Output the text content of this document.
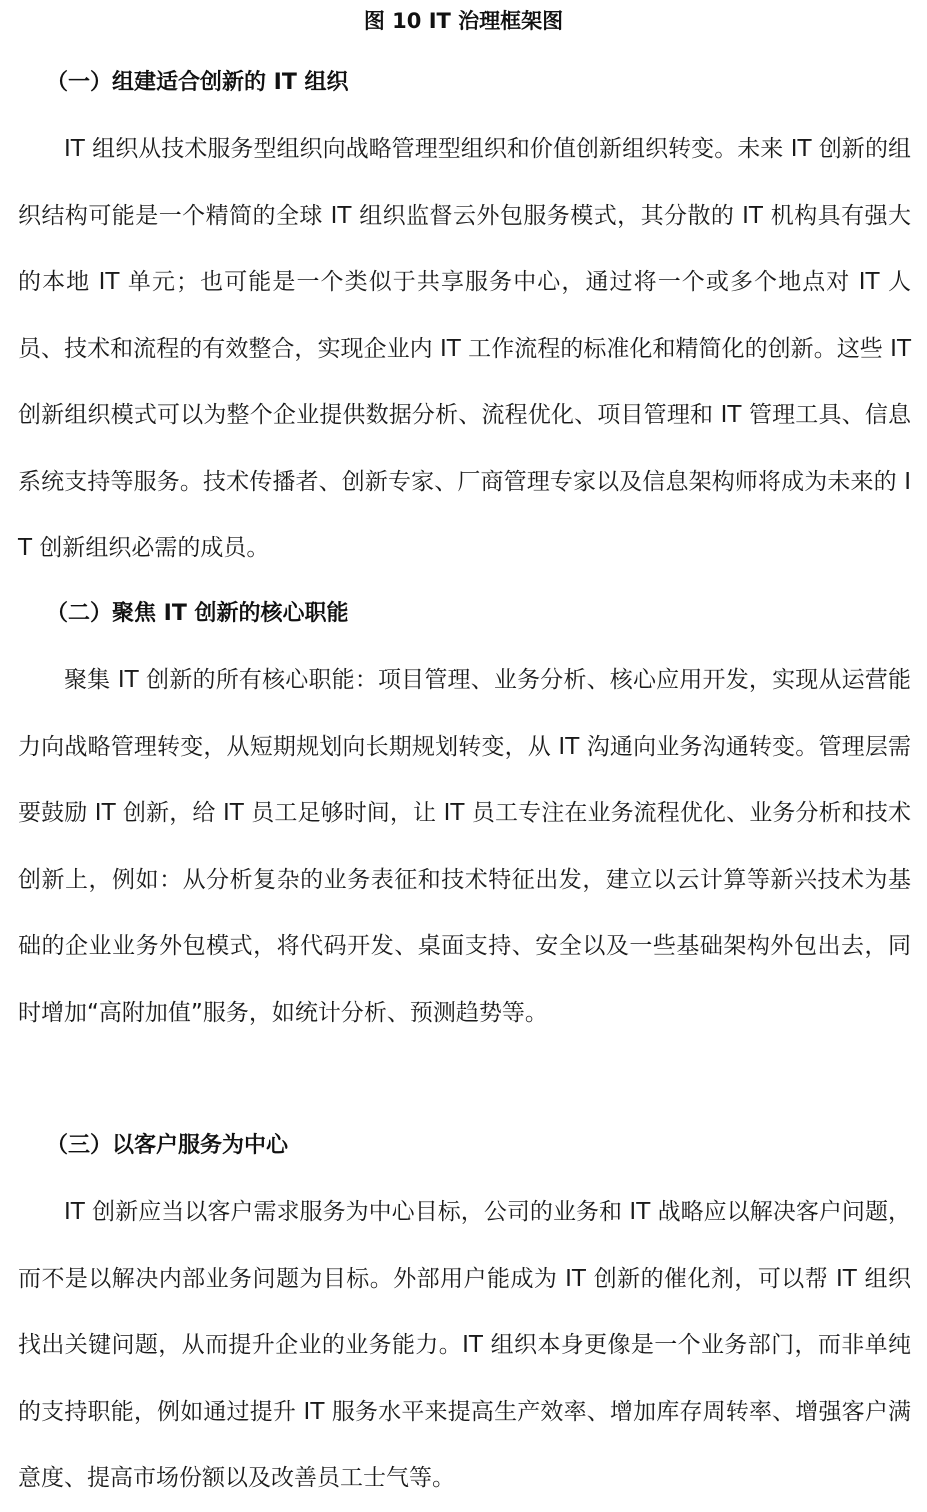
图 10 IT 治理框架图
（一）组建适合创新的 IT 组织
IT 组织从技术服务型组织向战略管理型组织和价值创新组织转变。未来 IT 创新的组织结构可能是一个精简的全球 IT 组织监督云外包服务模式，其分散的 IT 机构具有强大的本地 IT 单元；也可能是一个类似于共享服务中心，通过将一个或多个地点对 IT 人员、技术和流程的有效整合，实现企业内 IT 工作流程的标准化和精简化的创新。这些 IT 创新组织模式可以为整个企业提供数据分析、流程优化、项目管理和 IT 管理工具、信息系统支持等服务。技术传播者、创新专家、厂商管理专家以及信息架构师将成为未来的 IT 创新组织必需的成员。
（二）聚焦 IT 创新的核心职能
聚集 IT 创新的所有核心职能：项目管理、业务分析、核心应用开发，实现从运营能力向战略管理转变，从短期规划向长期规划转变，从 IT 沟通向业务沟通转变。管理层需要鼓励 IT 创新，给 IT 员工足够时间，让 IT 员工专注在业务流程优化、业务分析和技术创新上，例如：从分析复杂的业务表征和技术特征出发，建立以云计算等新兴技术为基础的企业业务外包模式，将代码开发、桌面支持、安全以及一些基础架构外包出去，同时增加“高附加值”服务，如统计分析、预测趋势等。
（三）以客户服务为中心
IT 创新应当以客户需求服务为中心目标，公司的业务和 IT 战略应以解决客户问题，而不是以解决内部业务问题为目标。外部用户能成为 IT 创新的催化剂，可以帮 IT 组织找出关键问题，从而提升企业的业务能力。IT 组织本身更像是一个业务部门，而非单纯的支持职能，例如通过提升 IT 服务水平来提高生产效率、增加库存周转率、增强客户满意度、提高市场份额以及改善员工士气等。
